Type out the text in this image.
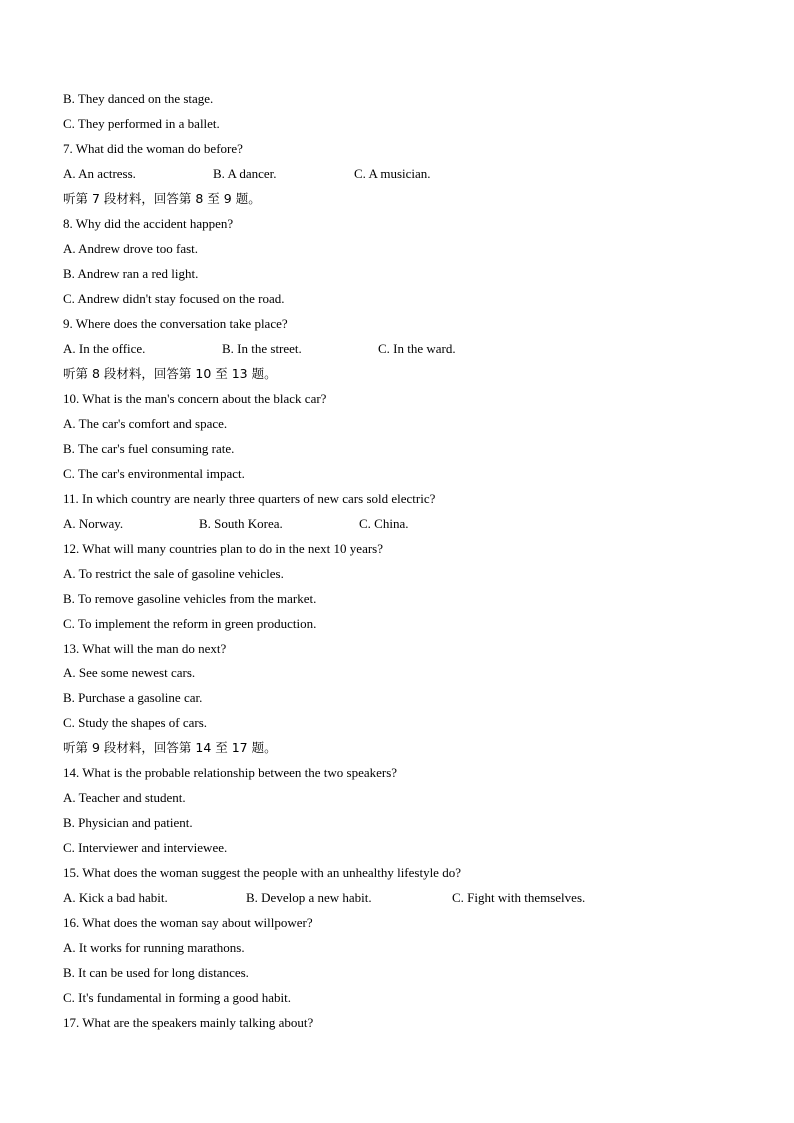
B. They danced on the stage.
C. They performed in a ballet.
7. What did the woman do before?
A. An actress.	B. A dancer.	C. A musician.
听第 7 段材料，回答第 8 至 9 题。
8. Why did the accident happen?
A. Andrew drove too fast.
B. Andrew ran a red light.
C. Andrew didn't stay focused on the road.
9. Where does the conversation take place?
A. In the office.	B. In the street.	C. In the ward.
听第 8 段材料，回答第 10 至 13 题。
10. What is the man's concern about the black car?
A. The car's comfort and space.
B. The car's fuel consuming rate.
C. The car's environmental impact.
11. In which country are nearly three quarters of new cars sold electric?
A. Norway.	B. South Korea.	C. China.
12. What will many countries plan to do in the next 10 years?
A. To restrict the sale of gasoline vehicles.
B. To remove gasoline vehicles from the market.
C. To implement the reform in green production.
13. What will the man do next?
A. See some newest cars.
B. Purchase a gasoline car.
C. Study the shapes of cars.
听第 9 段材料，回答第 14 至 17 题。
14. What is the probable relationship between the two speakers?
A. Teacher and student.
B. Physician and patient.
C. Interviewer and interviewee.
15. What does the woman suggest the people with an unhealthy lifestyle do?
A. Kick a bad habit.	B. Develop a new habit.	C. Fight with themselves.
16. What does the woman say about willpower?
A. It works for running marathons.
B. It can be used for long distances.
C. It's fundamental in forming a good habit.
17. What are the speakers mainly talking about?
